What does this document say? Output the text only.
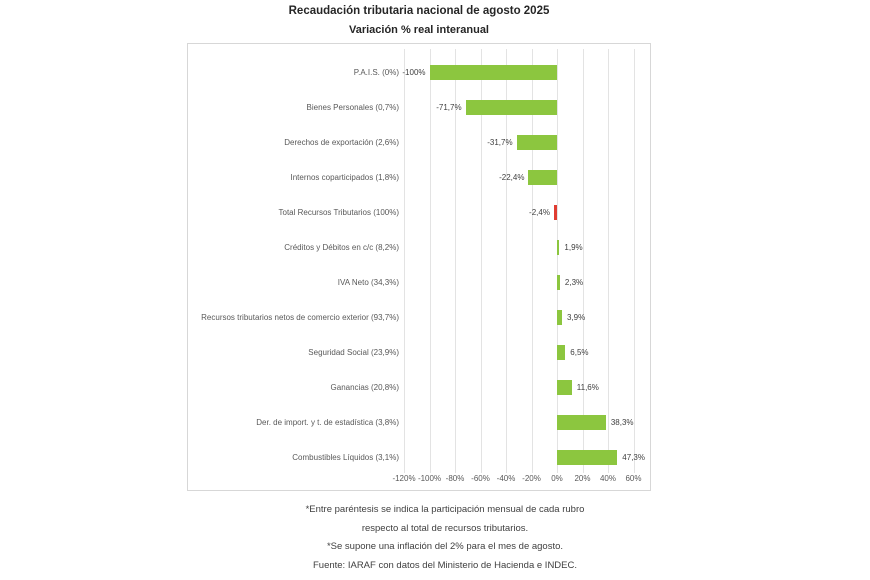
Recaudación tributaria nacional de agosto 2025
Variación % real interanual
-120% -100% -80% -60% -40% -20%	0%	20%	40%	60%
P.A.I.S. (0%) -100%
Bienes Personales (0,7%)	-71,7%
Derechos de exportación (2,6%)	-31,7%
Internos coparticipados (1,8%)	-22,4%
Total Recursos Tributarios (100%)	-2,4%
Créditos y Débitos en c/c (8,2%)	1,9%
IVA Neto (34,3%)	2,3%
Recursos tributarios netos de comercio exterior (93,7%)	3,9%
Seguridad Social (23,9%)	6,5%
Ganancias (20,8%)	11,6%
Der. de import. y t. de estadística (3,8%)	38,3%
Combustibles Líquidos (3,1%)	47,3%
*Entre paréntesis se indica la participación mensual de cada rubro
respecto al total de recursos tributarios.
*Se supone una inflación del 2% para el mes de agosto.
Fuente: IARAF con datos del Ministerio de Hacienda e INDEC.
